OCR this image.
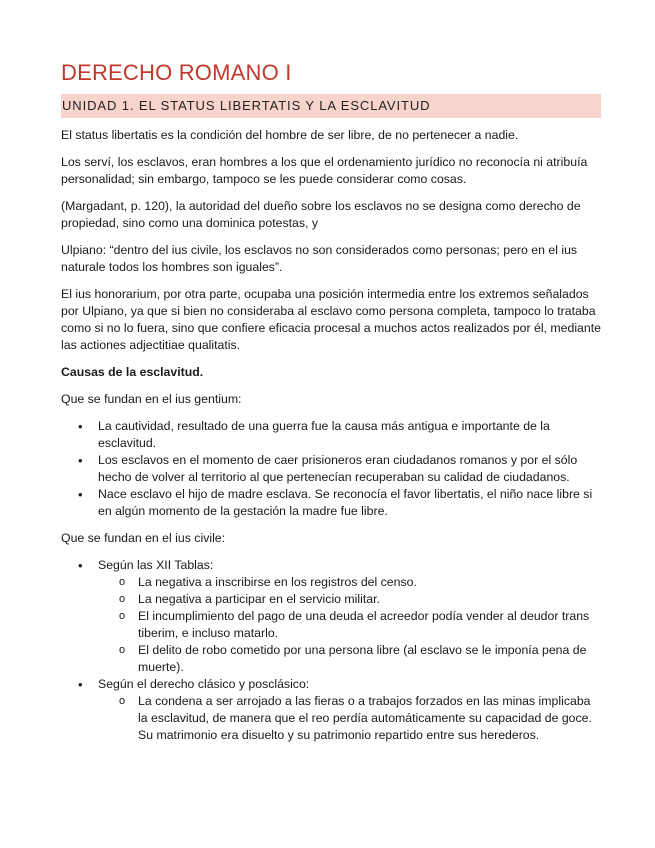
DERECHO ROMANO I
UNIDAD 1. EL STATUS LIBERTATIS Y LA ESCLAVITUD

El status libertatis es la condición del hombre de ser libre, de no pertenecer a nadie.

Los serví, los esclavos, eran hombres a los que el ordenamiento jurídico no reconocía ni atribuía personalidad; sin embargo, tampoco se les puede considerar como cosas.

(Margadant, p. 120), la autoridad del dueño sobre los esclavos no se designa como derecho de propiedad, sino como una dominica potestas, y

Ulpiano: “dentro del ius civile, los esclavos no son considerados como personas; pero en el ius naturale todos los hombres son iguales”.

El ius honorarium, por otra parte, ocupaba una posición intermedia entre los extremos señalados por Ulpiano, ya que si bien no consideraba al esclavo como persona completa, tampoco lo trataba como si no lo fuera, sino que confiere eficacia procesal a muchos actos realizados por él, mediante las actiones adjectitiae qualitatis.

Causas de la esclavitud.

Que se fundan en el ius gentium:

• La cautividad, resultado de una guerra fue la causa más antigua e importante de la esclavitud.
• Los esclavos en el momento de caer prisioneros eran ciudadanos romanos y por el sólo hecho de volver al territorio al que pertenecían recuperaban su calidad de ciudadanos.
• Nace esclavo el hijo de madre esclava. Se reconocía el favor libertatis, el niño nace libre si en algún momento de la gestación la madre fue libre.

Que se fundan en el ius civile:

• Según las XII Tablas:
o La negativa a inscribirse en los registros del censo.
o La negativa a participar en el servicio militar.
o El incumplimiento del pago de una deuda el acreedor podía vender al deudor trans tiberim, e incluso matarlo.
o El delito de robo cometido por una persona libre (al esclavo se le imponía pena de muerte).
• Según el derecho clásico y posclásico:
o La condena a ser arrojado a las fieras o a trabajos forzados en las minas implicaba la esclavitud, de manera que el reo perdía automáticamente su capacidad de goce. Su matrimonio era disuelto y su patrimonio repartido entre sus herederos.
